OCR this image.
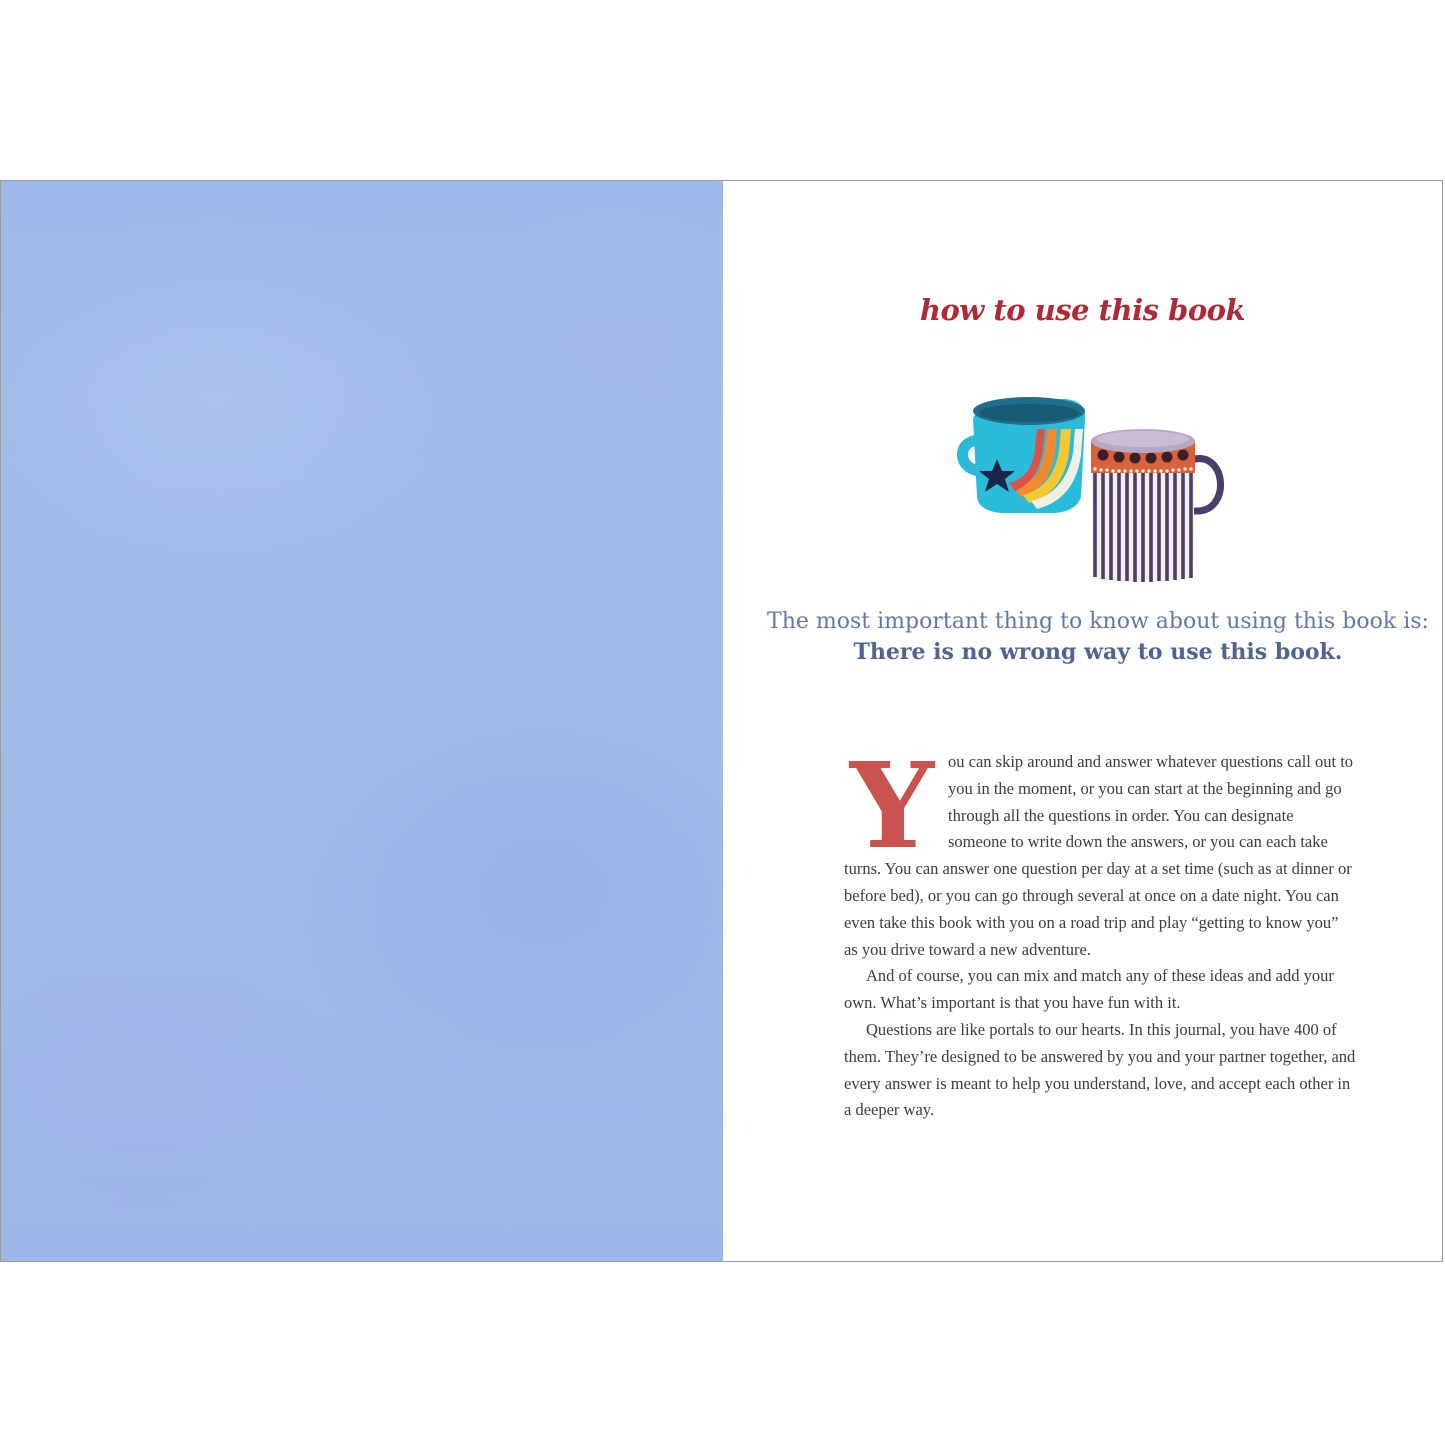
how to use this book

The most important thing to know about using this book is: There is no wrong way to use this book.

Y ou can skip around and answer whatever questions call out to you in the moment, or you can start at the beginning and go through all the questions in order. You can designate someone to write down the answers, or you can each take turns. You can answer one question per day at a set time (such as at dinner or before bed), or you can go through several at once on a date night. You can even take this book with you on a road trip and play “getting to know you” as you drive toward a new adventure.

And of course, you can mix and match any of these ideas and add your own. What’s important is that you have fun with it.

Questions are like portals to our hearts. In this journal, you have 400 of them. They’re designed to be answered by you and your partner together, and every answer is meant to help you understand, love, and accept each other in a deeper way.
